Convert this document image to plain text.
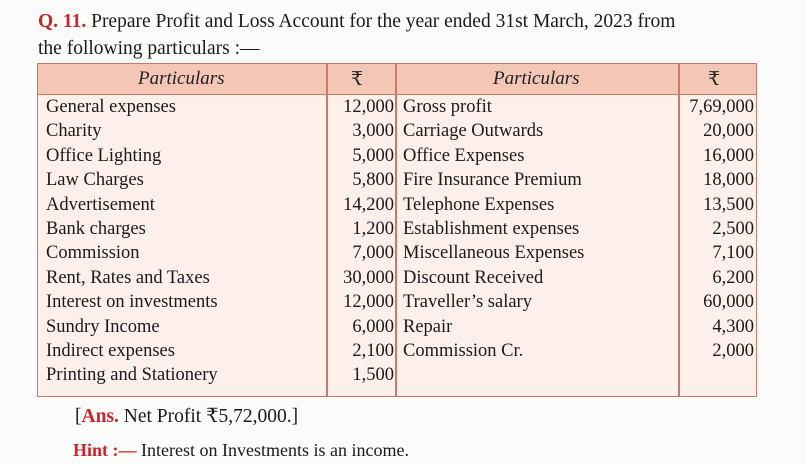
Q. 11. Prepare Profit and Loss Account for the year ended 31st March, 2023 from
the following particulars :—
Particulars	₹	Particulars	₹
General expenses	12,000 Gross profit	7,69,000
Charity	3,000 Carriage Outwards	20,000
Office Lighting	5,000 Office Expenses	16,000
Law Charges	5,800 Fire Insurance Premium	18,000
Advertisement	14,200 Telephone Expenses	13,500
Bank charges	1,200 Establishment expenses	2,500
Commission	7,000 Miscellaneous Expenses	7,100
Rent, Rates and Taxes	30,000 Discount Received	6,200
Interest on investments	12,000 Traveller’s salary	60,000
Sundry Income	6,000 Repair	4,300
Indirect expenses	2,100 Commission Cr.	2,000
Printing and Stationery	1,500
[Ans. Net Profit ₹5,72,000.]
Hint :— Interest on Investments is an income.
